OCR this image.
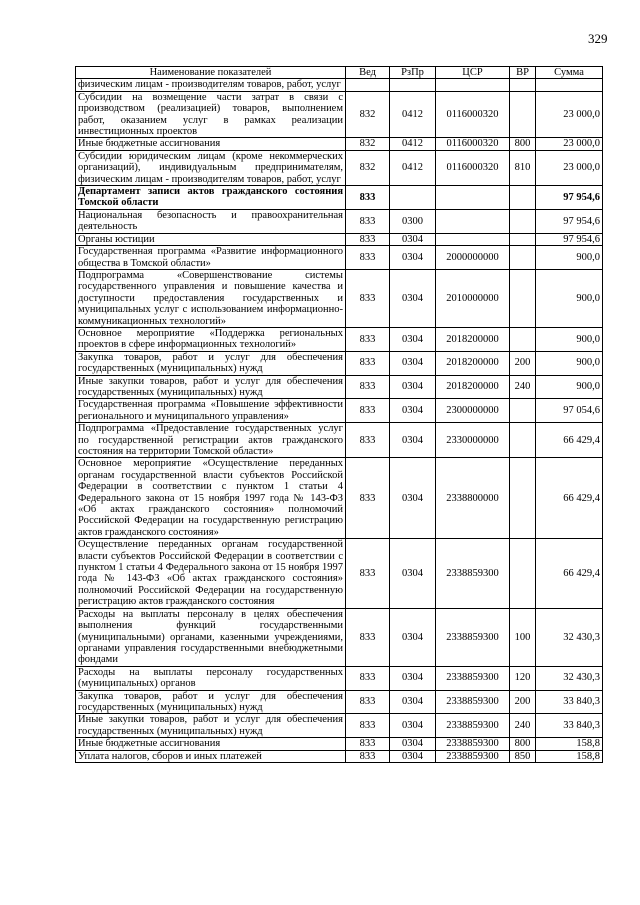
329
Наименование показателей	Вед	РзПр	ЦСР	ВР	Сумма
физическим лицам - производителям товаров, работ, услуг					
Субсидии на возмещение части затрат в связи с производством (реализацией) товаров, выполнением работ, оказанием услуг в рамках реализации инвестиционных проектов	832	0412	0116000320		23 000,0
Иные бюджетные ассигнования	832	0412	0116000320	800	23 000,0
Субсидии юридическим лицам (кроме некоммерческих организаций), индивидуальным предпринимателям, физическим лицам - производителям товаров, работ, услуг	832	0412	0116000320	810	23 000,0
Департамент записи актов гражданского состояния Томской области	833				97 954,6
Национальная безопасность и правоохранительная деятельность	833	0300			97 954,6
Органы юстиции	833	0304			97 954,6
Государственная программа «Развитие информационного общества в Томской области»	833	0304	2000000000		900,0
Подпрограмма «Совершенствование системы государственного управления и повышение качества и доступности предоставления государственных и муниципальных услуг с использованием информационно-коммуникационных технологий»	833	0304	2010000000		900,0
Основное мероприятие «Поддержка региональных проектов в сфере информационных технологий»	833	0304	2018200000		900,0
Закупка товаров, работ и услуг для обеспечения государственных (муниципальных) нужд	833	0304	2018200000	200	900,0
Иные закупки товаров, работ и услуг для обеспечения государственных (муниципальных) нужд	833	0304	2018200000	240	900,0
Государственная программа «Повышение эффективности регионального и муниципального управления»	833	0304	2300000000		97 054,6
Подпрограмма «Предоставление государственных услуг по государственной регистрации актов гражданского состояния на территории Томской области»	833	0304	2330000000		66 429,4
Основное мероприятие «Осуществление переданных органам государственной власти субъектов Российской Федерации в соответствии с пунктом 1 статьи 4 Федерального закона от 15 ноября 1997 года № 143-ФЗ «Об актах гражданского состояния» полномочий Российской Федерации на государственную регистрацию актов гражданского состояния»	833	0304	2338800000		66 429,4
Осуществление переданных органам государственной власти субъектов Российской Федерации в соответствии с пунктом 1 статьи 4 Федерального закона от 15 ноября 1997 года № 143-ФЗ «Об актах гражданского состояния» полномочий Российской Федерации на государственную регистрацию актов гражданского состояния	833	0304	2338859300		66 429,4
Расходы на выплаты персоналу в целях обеспечения выполнения функций государственными (муниципальными) органами, казенными учреждениями, органами управления государственными внебюджетными фондами	833	0304	2338859300	100	32 430,3
Расходы на выплаты персоналу государственных (муниципальных) органов	833	0304	2338859300	120	32 430,3
Закупка товаров, работ и услуг для обеспечения государственных (муниципальных) нужд	833	0304	2338859300	200	33 840,3
Иные закупки товаров, работ и услуг для обеспечения государственных (муниципальных) нужд	833	0304	2338859300	240	33 840,3
Иные бюджетные ассигнования	833	0304	2338859300	800	158,8
Уплата налогов, сборов и иных платежей	833	0304	2338859300	850	158,8
